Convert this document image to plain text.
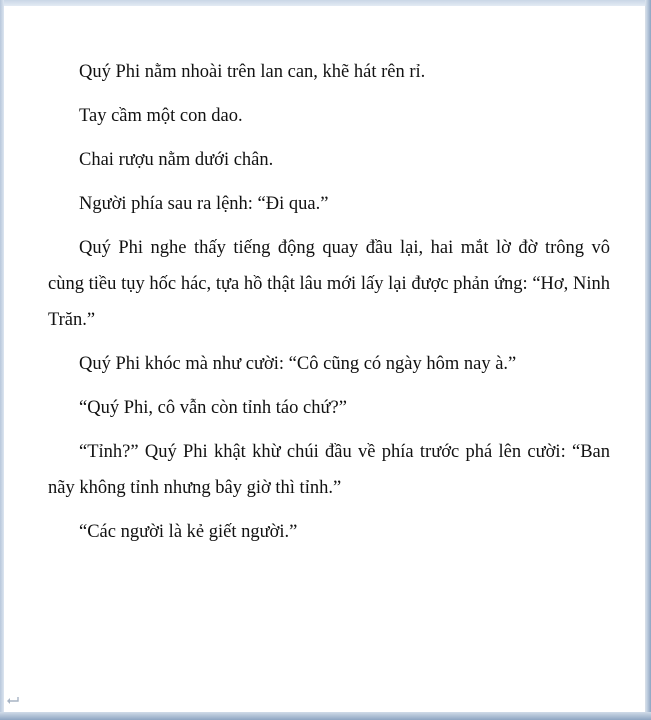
Quý Phi nằm nhoài trên lan can, khẽ hát rên rỉ.

Tay cầm một con dao.

Chai rượu nằm dưới chân.

Người phía sau ra lệnh: “Đi qua.”

Quý Phi nghe thấy tiếng động quay đầu lại, hai mắt lờ đờ trông vô cùng tiều tụy hốc hác, tựa hồ thật lâu mới lấy lại được phản ứng: “Hơ, Ninh Trăn.”

Quý Phi khóc mà như cười: “Cô cũng có ngày hôm nay à.”

“Quý Phi, cô vẫn còn tỉnh táo chứ?”

“Tỉnh?” Quý Phi khật khừ chúi đầu về phía trước phá lên cười: “Ban nãy không tỉnh nhưng bây giờ thì tỉnh.”

“Các người là kẻ giết người.”
